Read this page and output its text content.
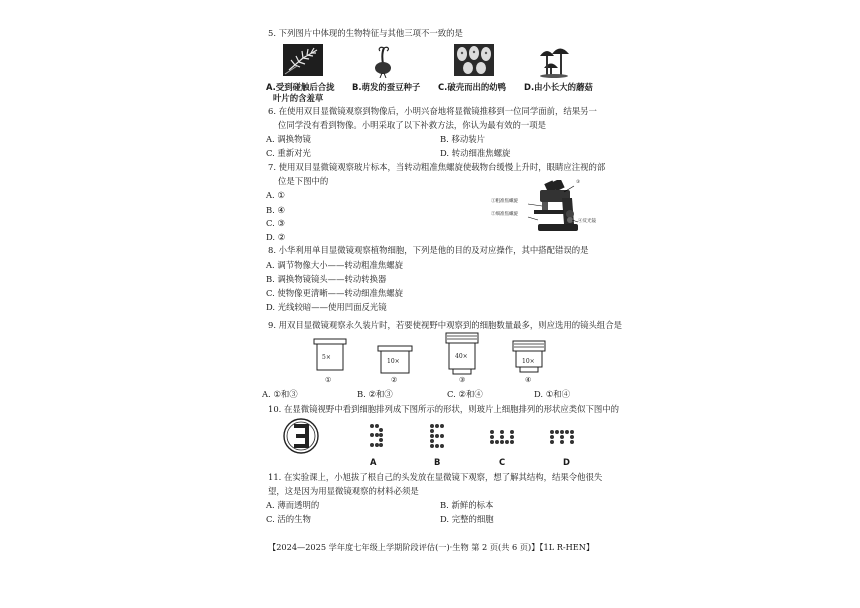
5. 下列图片中体现的生物特征与其他三项不一致的是
A.受到碰触后合拢
叶片的含羞草
B.萌发的蚕豆种子 C.破壳而出的幼鸭 D.由小长大的蘑菇
6. 在使用双目显微镜观察到物像后，小明兴奋地将显微镜推移到一位同学面前，结果另一
位同学没有看到物像。小明采取了以下补救方法，你认为最有效的一项是
A. 调换物镜	B. 移动装片
C. 重新对光	D. 转动细准焦螺旋
7. 使用双目显微镜观察玻片标本，当转动粗准焦螺旋使载物台缓慢上升时，眼睛应注视的部
位是下图中的
A. ①
B. ④
C. ③
D. ②
①粗准焦螺旋
②细准焦螺旋
③
④反光镜
8. 小华利用单目显微镜观察植物细胞，下列是他的目的及对应操作，其中搭配错误的是
A. 调节物像大小——转动粗准焦螺旋
B. 调换物镜镜头——转动转换器
C. 使物像更清晰——转动细准焦螺旋
D. 光线较暗——使用凹面反光镜
9. 用双目显微镜观察永久装片时，若要使视野中观察到的细胞数量最多，则应选用的镜头组合是
5×
①
10×
②
40×
③
10×
④
A. ①和③	B. ②和③	C. ②和④	D. ①和④
10. 在显微镜视野中看到细胞排列成下图所示的形状，则玻片上细胞排列的形状应类似下图中的
A	B	C	D
11. 在实验课上，小旭拔了根自己的头发放在显微镜下观察，想了解其结构，结果令他很失
望，这是因为用显微镜观察的材料必须是
A. 薄而透明的	B. 新鲜的标本
C. 活的生物	D. 完整的细胞
【2024—2025 学年度七年级上学期阶段评估(一)·生物 第 2 页(共 6 页)】【1L R-HEN】
